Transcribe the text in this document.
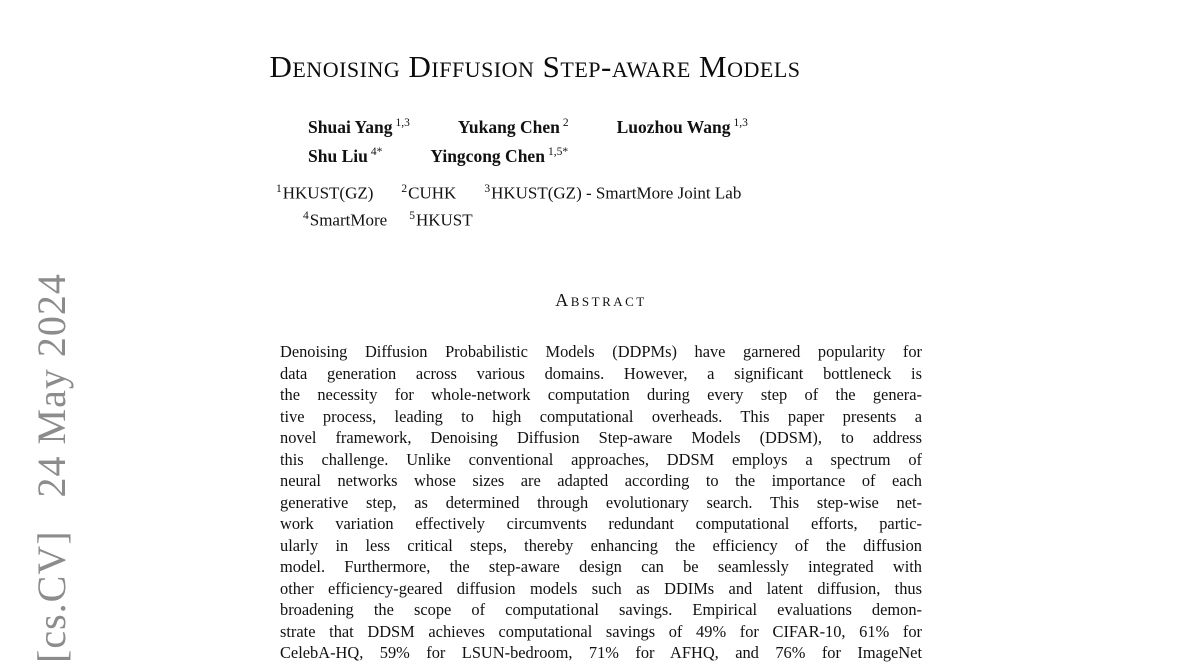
[cs.CV]   24 May 2024
Denoising Diffusion Step-aware Models
Shuai Yang $^{1,3}$	Yukang Chen $^2$	Luozhou Wang $^{1,3}$
Shu Liu $^{4*}$	Yingcong Chen $^{1,5*}$
$^1$HKUST(GZ) $^2$CUHK $^3$HKUST(GZ) - SmartMore Joint Lab
$^4$SmartMore $^5$HKUST
Abstract
Denoising Diffusion Probabilistic Models (DDPMs) have garnered popularity for
data generation across various domains. However, a significant bottleneck is
the necessity for whole-network computation during every step of the genera-
tive process, leading to high computational overheads. This paper presents a
novel framework, Denoising Diffusion Step-aware Models (DDSM), to address
this challenge. Unlike conventional approaches, DDSM employs a spectrum of
neural networks whose sizes are adapted according to the importance of each
generative step, as determined through evolutionary search. This step-wise net-
work variation effectively circumvents redundant computational efforts, partic-
ularly in less critical steps, thereby enhancing the efficiency of the diffusion
model. Furthermore, the step-aware design can be seamlessly integrated with
other efficiency-geared diffusion models such as DDIMs and latent diffusion, thus
broadening the scope of computational savings. Empirical evaluations demon-
strate that DDSM achieves computational savings of 49% for CIFAR-10, 61% for
CelebA-HQ, 59% for LSUN-bedroom, 71% for AFHQ, and 76% for ImageNet
